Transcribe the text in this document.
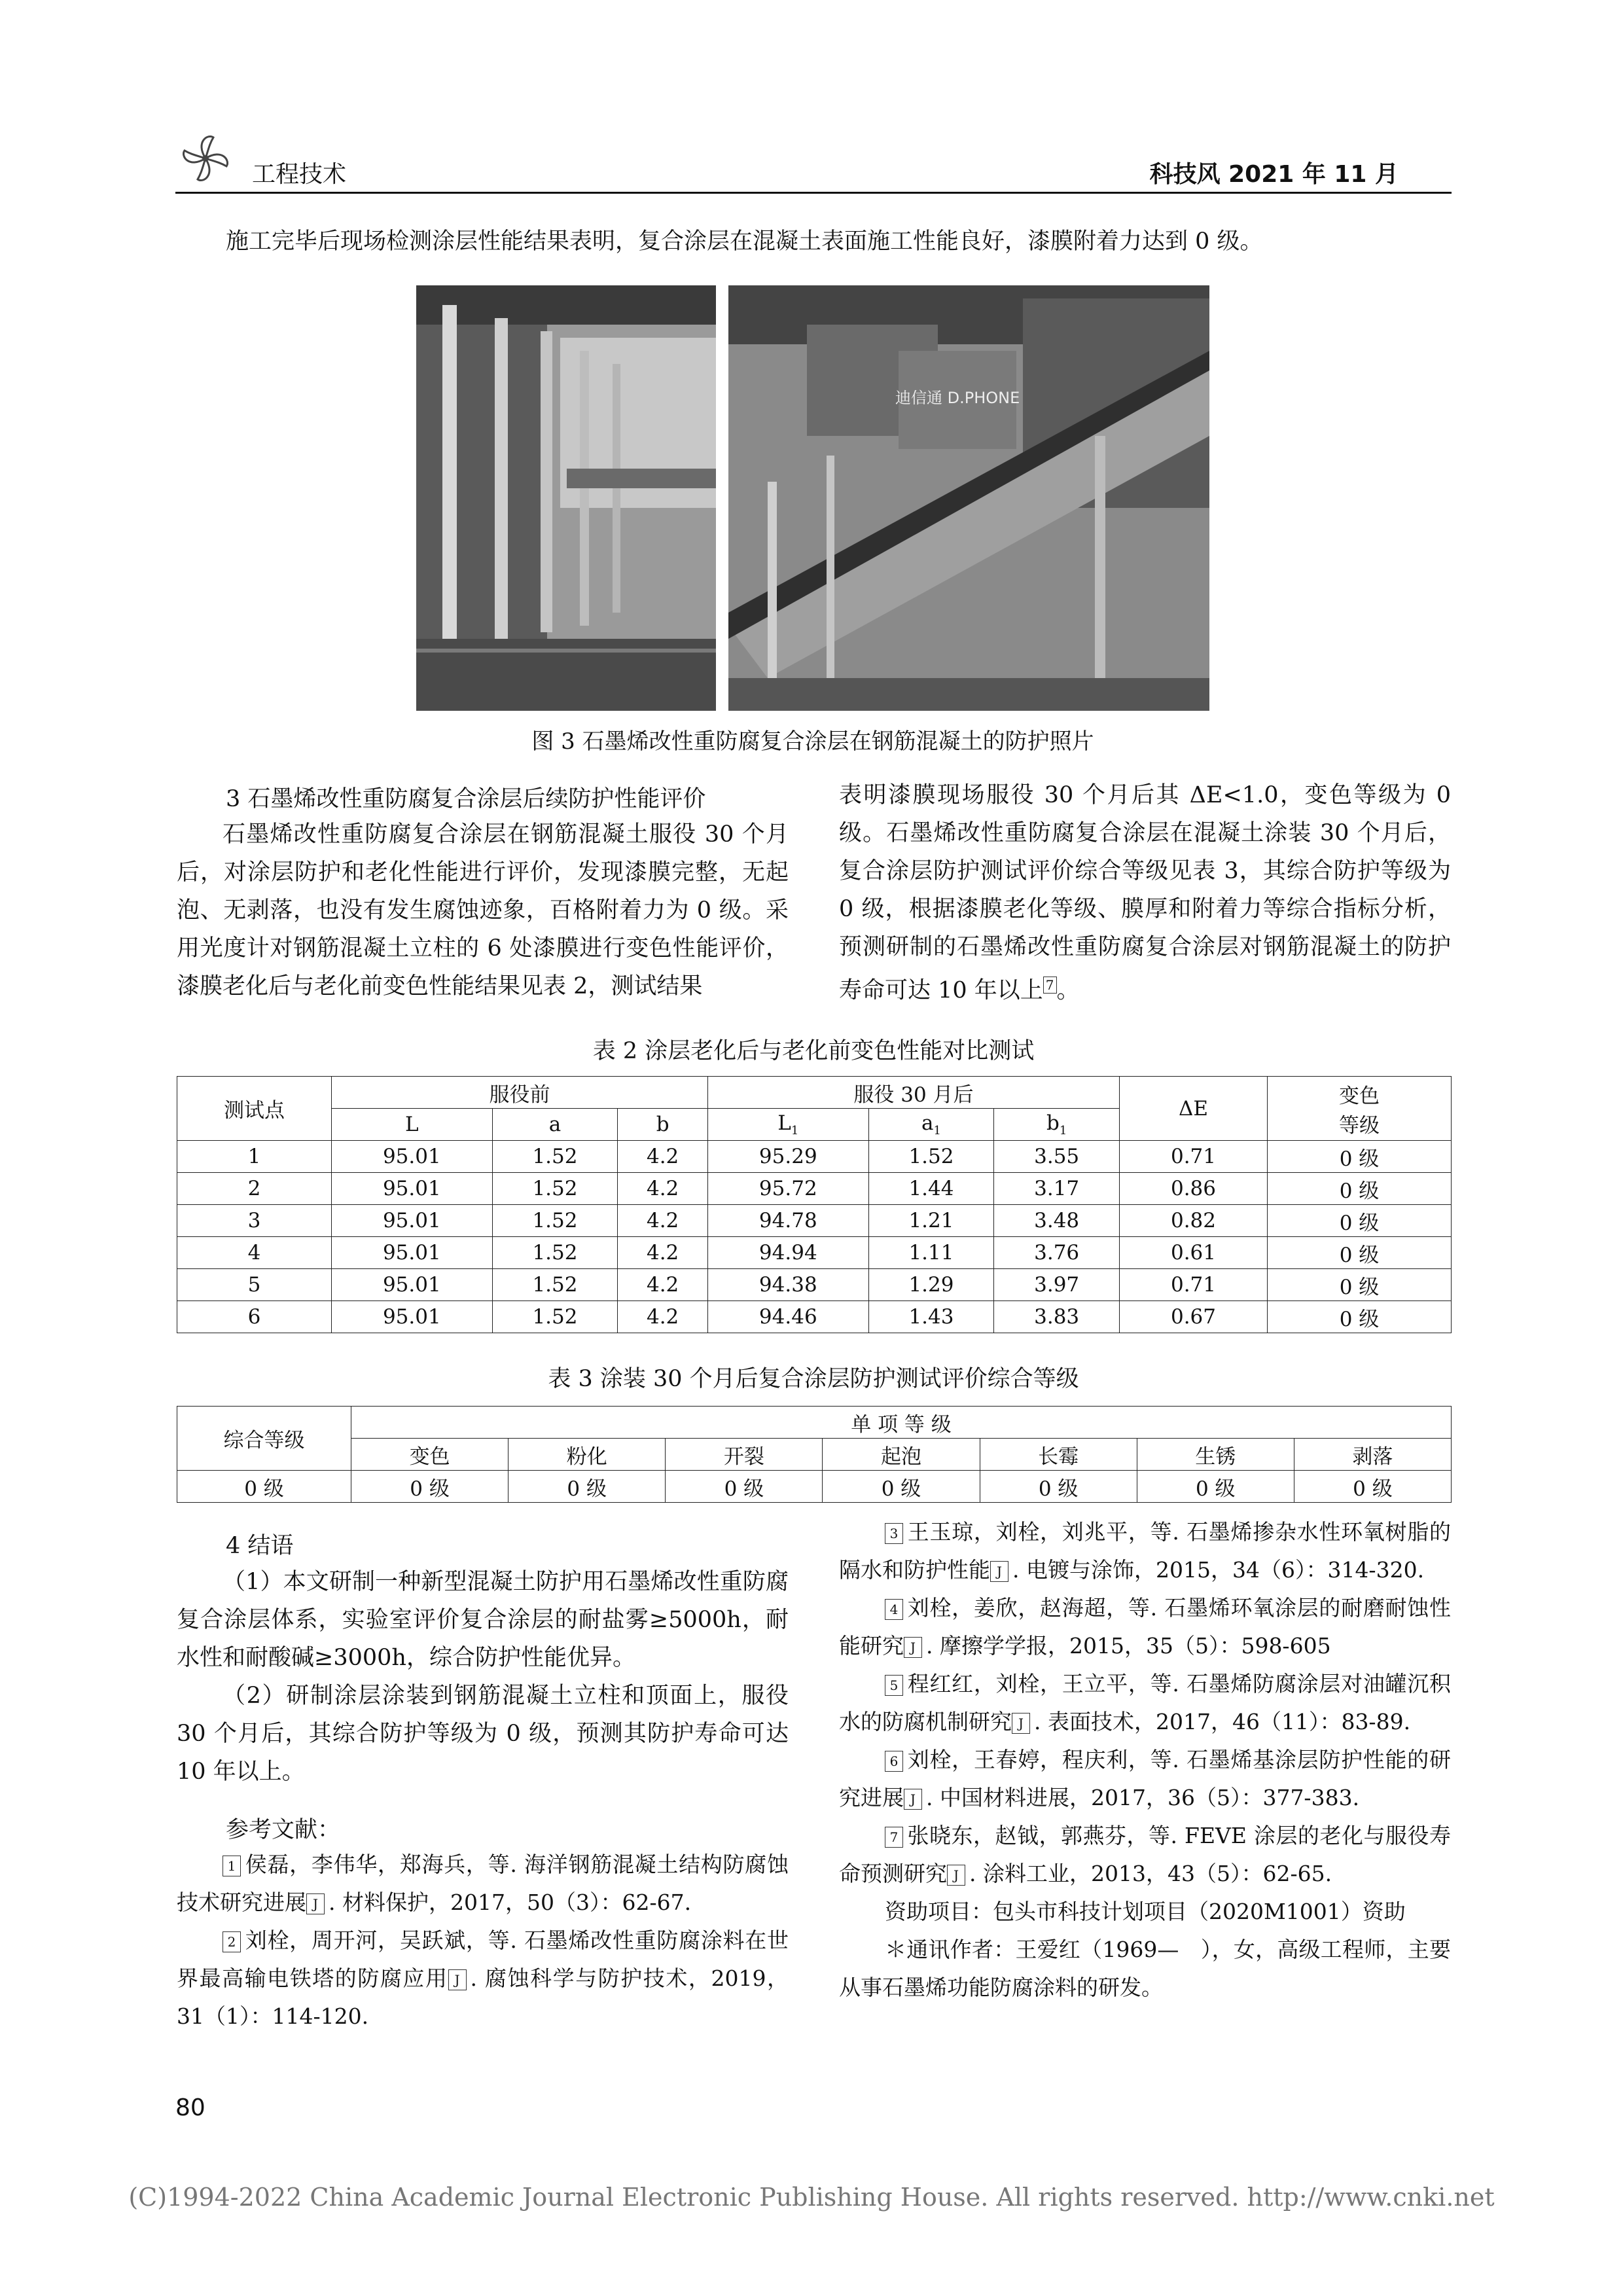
工程技术	科技风 2021 年 11 月
施工完毕后现场检测涂层性能结果表明，复合涂层在混凝土表面施工性能良好，漆膜附着力达到 0 级。
迪信通 D.PHONE
图 3 石墨烯改性重防腐复合涂层在钢筋混凝土的防护照片
3 石墨烯改性重防腐复合涂层后续防护性能评价
石墨烯改性重防腐复合涂层在钢筋混凝土服役 30 个月后，对涂层防护和老化性能进行评价，发现漆膜完整，无起泡、无剥落，也没有发生腐蚀迹象，百格附着力为 0 级。采用光度计对钢筋混凝土立柱的 6 处漆膜进行变色性能评价，漆膜老化后与老化前变色性能结果见表 2，测试结果
表明漆膜现场服役 30 个月后其 ΔE<1.0，变色等级为 0 级。石墨烯改性重防腐复合涂层在混凝土涂装 30 个月后，复合涂层防护测试评价综合等级见表 3，其综合防护等级为 0 级，根据漆膜老化等级、膜厚和附着力等综合指标分析，预测研制的石墨烯改性重防腐复合涂层对钢筋混凝土的防护寿命可达 10 年以上 $^7$ 。
表 2 涂层老化后与老化前变色性能对比测试
测试点	服役前			服役 30 月后			ΔE	变色
等级

	L	a	b	$L_1$	$a_1$	$b_1$
1	95.01	1.52	4.2	95.29	1.52	3.55	0.71	0 级
2	95.01	1.52	4.2	95.72	1.44	3.17	0.86	0 级
3	95.01	1.52	4.2	94.78	1.21	3.48	0.82	0 级
4	95.01	1.52	4.2	94.94	1.11	3.76	0.61	0 级
5	95.01	1.52	4.2	94.38	1.29	3.97	0.71	0 级
6	95.01	1.52	4.2	94.46	1.43	3.83	0.67	0 级
表 3 涂装 30 个月后复合涂层防护测试评价综合等级
综合等级	单 项 等 级						
	变色	粉化	开裂	起泡	长霉	生锈	剥落
0 级	0 级	0 级	0 级	0 级	0 级	0 级	0 级
4 结语
（1）本文研制一种新型混凝土防护用石墨烯改性重防腐复合涂层体系，实验室评价复合涂层的耐盐雾≥5000h，耐水性和耐酸碱≥3000h，综合防护性能优异。
（2）研制涂层涂装到钢筋混凝土立柱和顶面上，服役 30 个月后，其综合防护等级为 0 级，预测其防护寿命可达 10 年以上。
参考文献：
1 侯磊，李伟华，郑海兵，等. 海洋钢筋混凝土结构防腐蚀技术研究进展 J . 材料保护，2017，50（3）：62-67.
2 刘栓，周开河，吴跃斌，等. 石墨烯改性重防腐涂料在世界最高输电铁塔的防腐应用 J . 腐蚀科学与防护技术，2019，31（1）：114-120.
3 王玉琼，刘栓，刘兆平，等. 石墨烯掺杂水性环氧树脂的隔水和防护性能 J . 电镀与涂饰，2015，34（6）：314-320.
4 刘栓，姜欣，赵海超，等. 石墨烯环氧涂层的耐磨耐蚀性能研究 J . 摩擦学学报，2015，35（5）：598-605
5 程红红，刘栓，王立平，等. 石墨烯防腐涂层对油罐沉积水的防腐机制研究 J . 表面技术，2017，46（11）：83-89.
6 刘栓，王春婷，程庆利，等. 石墨烯基涂层防护性能的研究进展 J . 中国材料进展，2017，36（5）：377-383.
7 张晓东，赵钺，郭燕芬，等. FEVE 涂层的老化与服役寿命预测研究 J . 涂料工业，2013，43（5）：62-65.
资助项目：包头市科技计划项目（2020M1001）资助
＊通讯作者：王爱红（1969—　），女，高级工程师，主要从事石墨烯功能防腐涂料的研发。
80
(C)1994-2022 China Academic Journal Electronic Publishing House. All rights reserved. http://www.cnki.net
